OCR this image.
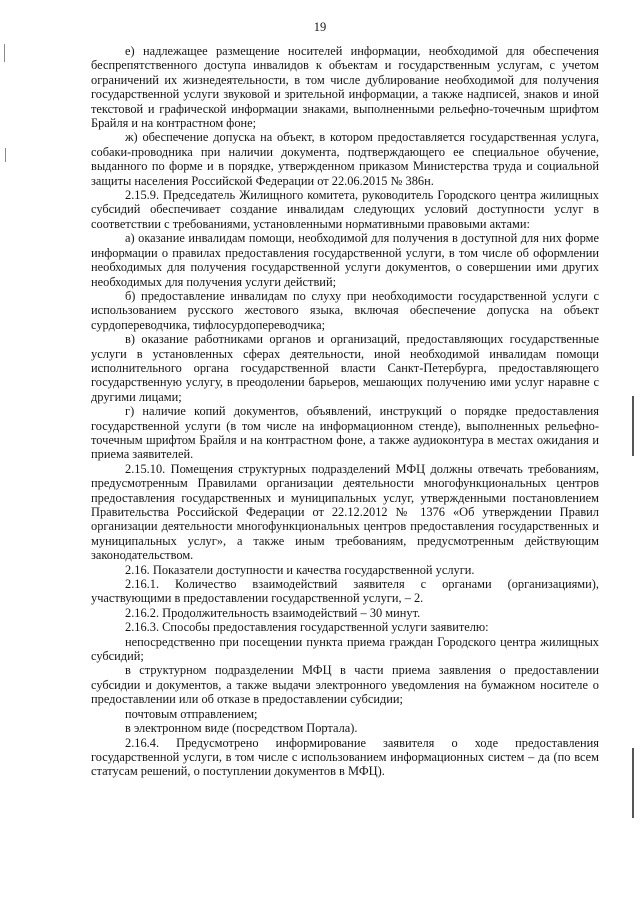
19

е) надлежащее размещение носителей информации, необходимой для обеспечения беспрепятственного доступа инвалидов к объектам и государственным услугам, с учетом ограничений их жизнедеятельности, в том числе дублирование необходимой для получения государственной услуги звуковой и зрительной информации, а также надписей, знаков и иной текстовой и графической информации знаками, выполненными рельефно-точечным шрифтом Брайля и на контрастном фоне;

ж) обеспечение допуска на объект, в котором предоставляется государственная услуга, собаки-проводника при наличии документа, подтверждающего ее специальное обучение, выданного по форме и в порядке, утвержденном приказом Министерства труда и социальной защиты населения Российской Федерации от 22.06.2015 № 386н.

2.15.9. Председатель Жилищного комитета, руководитель Городского центра жилищных субсидий обеспечивает создание инвалидам следующих условий доступности услуг в соответствии с требованиями, установленными нормативными правовыми актами:

а) оказание инвалидам помощи, необходимой для получения в доступной для них форме информации о правилах предоставления государственной услуги, в том числе об оформлении необходимых для получения государственной услуги документов, о совершении ими других необходимых для получения услуги действий;

б) предоставление инвалидам по слуху при необходимости государственной услуги с использованием русского жестового языка, включая обеспечение допуска на объект сурдопереводчика, тифлосурдопереводчика;

в) оказание работниками органов и организаций, предоставляющих государственные услуги в установленных сферах деятельности, иной необходимой инвалидам помощи исполнительного органа государственной власти Санкт-Петербурга, предоставляющего государственную услугу, в преодолении барьеров, мешающих получению ими услуг наравне с другими лицами;

г) наличие копий документов, объявлений, инструкций о порядке предоставления государственной услуги (в том числе на информационном стенде), выполненных рельефно-точечным шрифтом Брайля и на контрастном фоне, а также аудиоконтура в местах ожидания и приема заявителей.

2.15.10. Помещения структурных подразделений МФЦ должны отвечать требованиям, предусмотренным Правилами организации деятельности многофункциональных центров предоставления государственных и муниципальных услуг, утвержденными постановлением Правительства Российской Федерации от 22.12.2012 № 1376 «Об утверждении Правил организации деятельности многофункциональных центров предоставления государственных и муниципальных услуг», а также иным требованиям, предусмотренным действующим законодательством.

2.16. Показатели доступности и качества государственной услуги.

2.16.1. Количество взаимодействий заявителя с органами (организациями), участвующими в предоставлении государственной услуги, – 2.

2.16.2. Продолжительность взаимодействий – 30 минут.

2.16.3. Способы предоставления государственной услуги заявителю:

непосредственно при посещении пункта приема граждан Городского центра жилищных субсидий;

в структурном подразделении МФЦ в части приема заявления о предоставлении субсидии и документов, а также выдачи электронного уведомления на бумажном носителе о предоставлении или об отказе в предоставлении субсидии;

почтовым отправлением;

в электронном виде (посредством Портала).

2.16.4. Предусмотрено информирование заявителя о ходе предоставления государственной услуги, в том числе с использованием информационных систем – да (по всем статусам решений, о поступлении документов в МФЦ).
